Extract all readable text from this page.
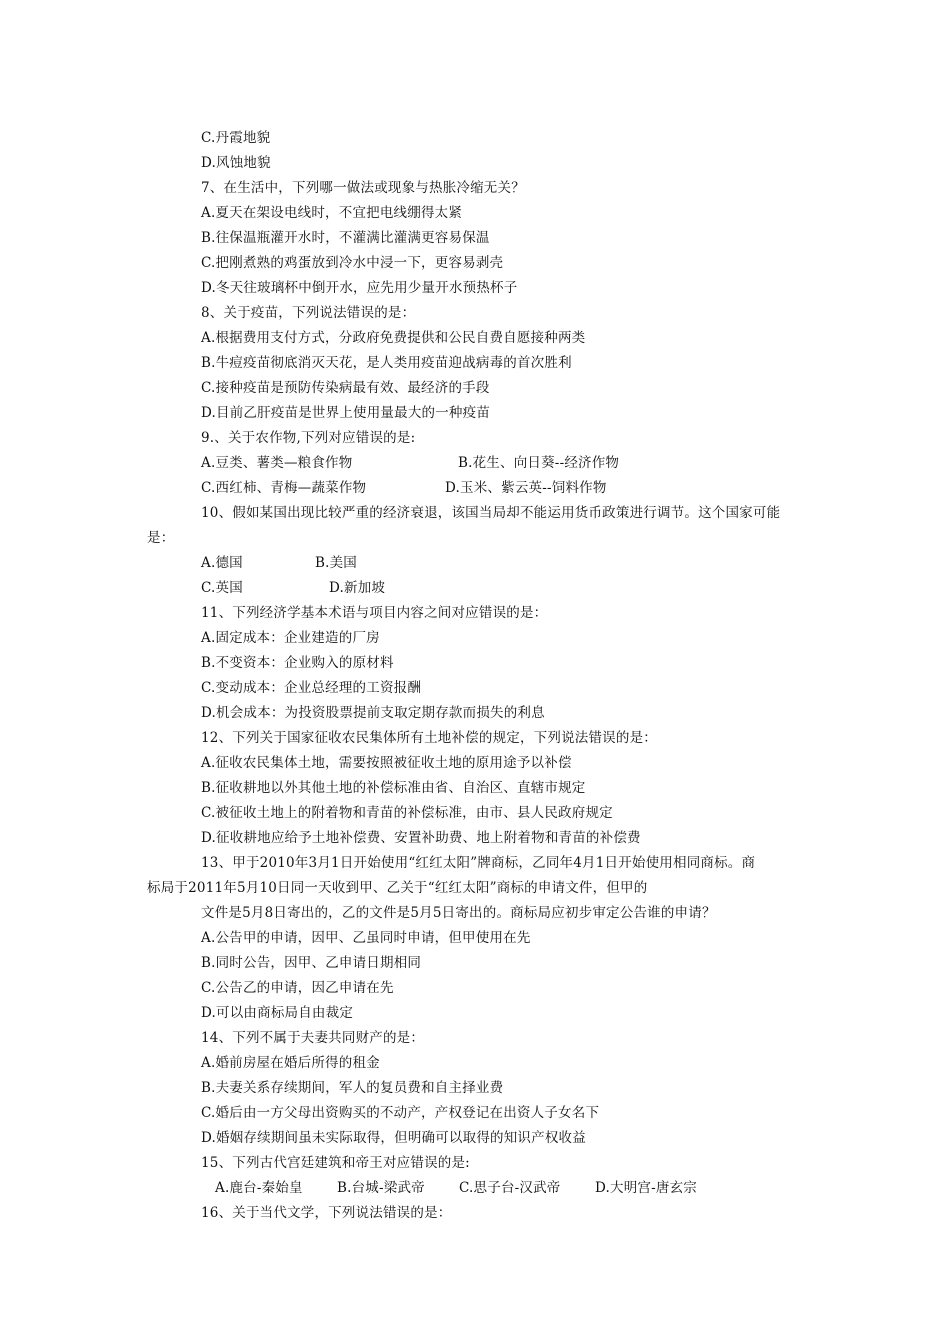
C.丹霞地貌
D.风蚀地貌
7、在生活中，下列哪一做法或现象与热胀冷缩无关？
A.夏天在架设电线时，不宜把电线绷得太紧
B.往保温瓶灌开水时，不灌满比灌满更容易保温
C.把刚煮熟的鸡蛋放到冷水中浸一下，更容易剥壳
D.冬天往玻璃杯中倒开水，应先用少量开水预热杯子
8、关于疫苗，下列说法错误的是：
A.根据费用支付方式，分政府免费提供和公民自费自愿接种两类
B.牛痘疫苗彻底消灭天花，是人类用疫苗迎战病毒的首次胜利
C.接种疫苗是预防传染病最有效、最经济的手段
D.目前乙肝疫苗是世界上使用量最大的一种疫苗
9.、关于农作物,下列对应错误的是:
A.豆类、薯类—粮食作物	B.花生、向日葵--经济作物
C.西红柿、青梅—蔬菜作物	D.玉米、紫云英--饲料作物
10、假如某国出现比较严重的经济衰退，该国当局却不能运用货币政策进行调节。这个国家可能
是：
A.德国	B.美国
C.英国	D.新加坡
11、下列经济学基本术语与项目内容之间对应错误的是：
A.固定成本：企业建造的厂房
B.不变资本：企业购入的原材料
C.变动成本：企业总经理的工资报酬
D.机会成本：为投资股票提前支取定期存款而损失的利息
12、下列关于国家征收农民集体所有土地补偿的规定，下列说法错误的是：
A.征收农民集体土地，需要按照被征收土地的原用途予以补偿
B.征收耕地以外其他土地的补偿标准由省、自治区、直辖市规定
C.被征收土地上的附着物和青苗的补偿标准，由市、县人民政府规定
D.征收耕地应给予土地补偿费、安置补助费、地上附着物和青苗的补偿费
13、甲于2010年3月1日开始使用“红红太阳”牌商标，乙同年4月1日开始使用相同商标。商
标局于2011年5月10日同一天收到甲、乙关于“红红太阳”商标的申请文件，但甲的
文件是5月8日寄出的，乙的文件是5月5日寄出的。商标局应初步审定公告谁的申请？
A.公告甲的申请，因甲、乙虽同时申请，但甲使用在先
B.同时公告，因甲、乙申请日期相同
C.公告乙的申请，因乙申请在先
D.可以由商标局自由裁定
14、下列不属于夫妻共同财产的是：
A.婚前房屋在婚后所得的租金
B.夫妻关系存续期间，军人的复员费和自主择业费
C.婚后由一方父母出资购买的不动产，产权登记在出资人子女名下
D.婚姻存续期间虽未实际取得，但明确可以取得的知识产权收益
15、下列古代宫廷建筑和帝王对应错误的是:
A.鹿台-秦始皇	B.台城-梁武帝	C.思子台-汉武帝	D.大明宫-唐玄宗
16、关于当代文学，下列说法错误的是：
